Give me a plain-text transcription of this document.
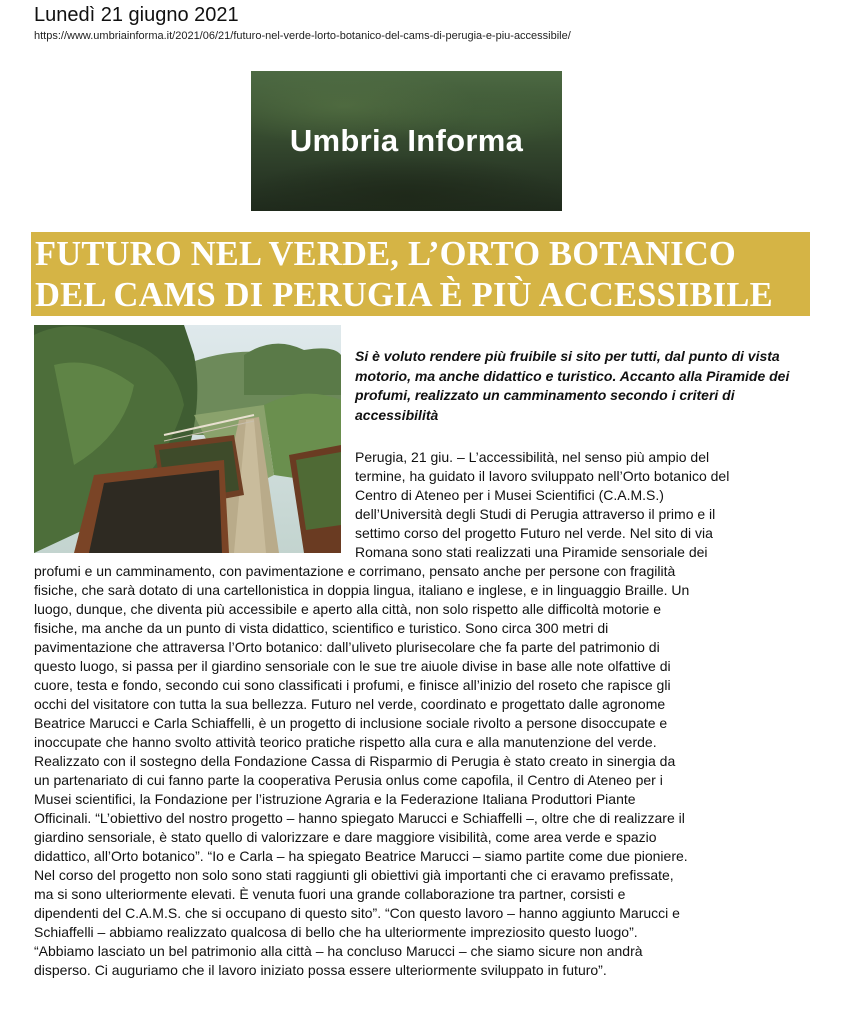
Lunedì 21 giugno 2021
https://www.umbriainforma.it/2021/06/21/futuro-nel-verde-lorto-botanico-del-cams-di-perugia-e-piu-accessibile/
Umbria Informa
FUTURO NEL VERDE, L’ORTO BOTANICO
DEL CAMS DI PERUGIA È PIÙ ACCESSIBILE
Si è voluto rendere più fruibile si sito per tutti, dal punto di vista motorio, ma anche didattico e turistico. Accanto alla Piramide dei profumi, realizzato un camminamento secondo i criteri di accessibilità
Perugia, 21 giu. – L’accessibilità, nel senso più ampio del
termine, ha guidato il lavoro sviluppato nell’Orto botanico del
Centro di Ateneo per i Musei Scientifici (C.A.M.S.)
dell’Università degli Studi di Perugia attraverso il primo e il
settimo corso del progetto Futuro nel verde. Nel sito di via
Romana sono stati realizzati una Piramide sensoriale dei
profumi e un camminamento, con pavimentazione e corrimano, pensato anche per persone con fragilità
fisiche, che sarà dotato di una cartellonistica in doppia lingua, italiano e inglese, e in linguaggio Braille. Un
luogo, dunque, che diventa più accessibile e aperto alla città, non solo rispetto alle difficoltà motorie e
fisiche, ma anche da un punto di vista didattico, scientifico e turistico. Sono circa 300 metri di
pavimentazione che attraversa l’Orto botanico: dall’uliveto plurisecolare che fa parte del patrimonio di
questo luogo, si passa per il giardino sensoriale con le sue tre aiuole divise in base alle note olfattive di
cuore, testa e fondo, secondo cui sono classificati i profumi, e finisce all’inizio del roseto che rapisce gli
occhi del visitatore con tutta la sua bellezza. Futuro nel verde, coordinato e progettato dalle agronome
Beatrice Marucci e Carla Schiaffelli, è un progetto di inclusione sociale rivolto a persone disoccupate e
inoccupate che hanno svolto attività teorico pratiche rispetto alla cura e alla manutenzione del verde.
Realizzato con il sostegno della Fondazione Cassa di Risparmio di Perugia è stato creato in sinergia da
un partenariato di cui fanno parte la cooperativa Perusia onlus come capofila, il Centro di Ateneo per i
Musei scientifici, la Fondazione per l’istruzione Agraria e la Federazione Italiana Produttori Piante
Officinali. “L’obiettivo del nostro progetto – hanno spiegato Marucci e Schiaffelli –, oltre che di realizzare il
giardino sensoriale, è stato quello di valorizzare e dare maggiore visibilità, come area verde e spazio
didattico, all’Orto botanico”. “Io e Carla – ha spiegato Beatrice Marucci – siamo partite come due pioniere.
Nel corso del progetto non solo sono stati raggiunti gli obiettivi già importanti che ci eravamo prefissate,
ma si sono ulteriormente elevati. È venuta fuori una grande collaborazione tra partner, corsisti e
dipendenti del C.A.M.S. che si occupano di questo sito”. “Con questo lavoro – hanno aggiunto Marucci e
Schiaffelli – abbiamo realizzato qualcosa di bello che ha ulteriormente impreziosito questo luogo”.
“Abbiamo lasciato un bel patrimonio alla città – ha concluso Marucci – che siamo sicure non andrà
disperso. Ci auguriamo che il lavoro iniziato possa essere ulteriormente sviluppato in futuro”.
